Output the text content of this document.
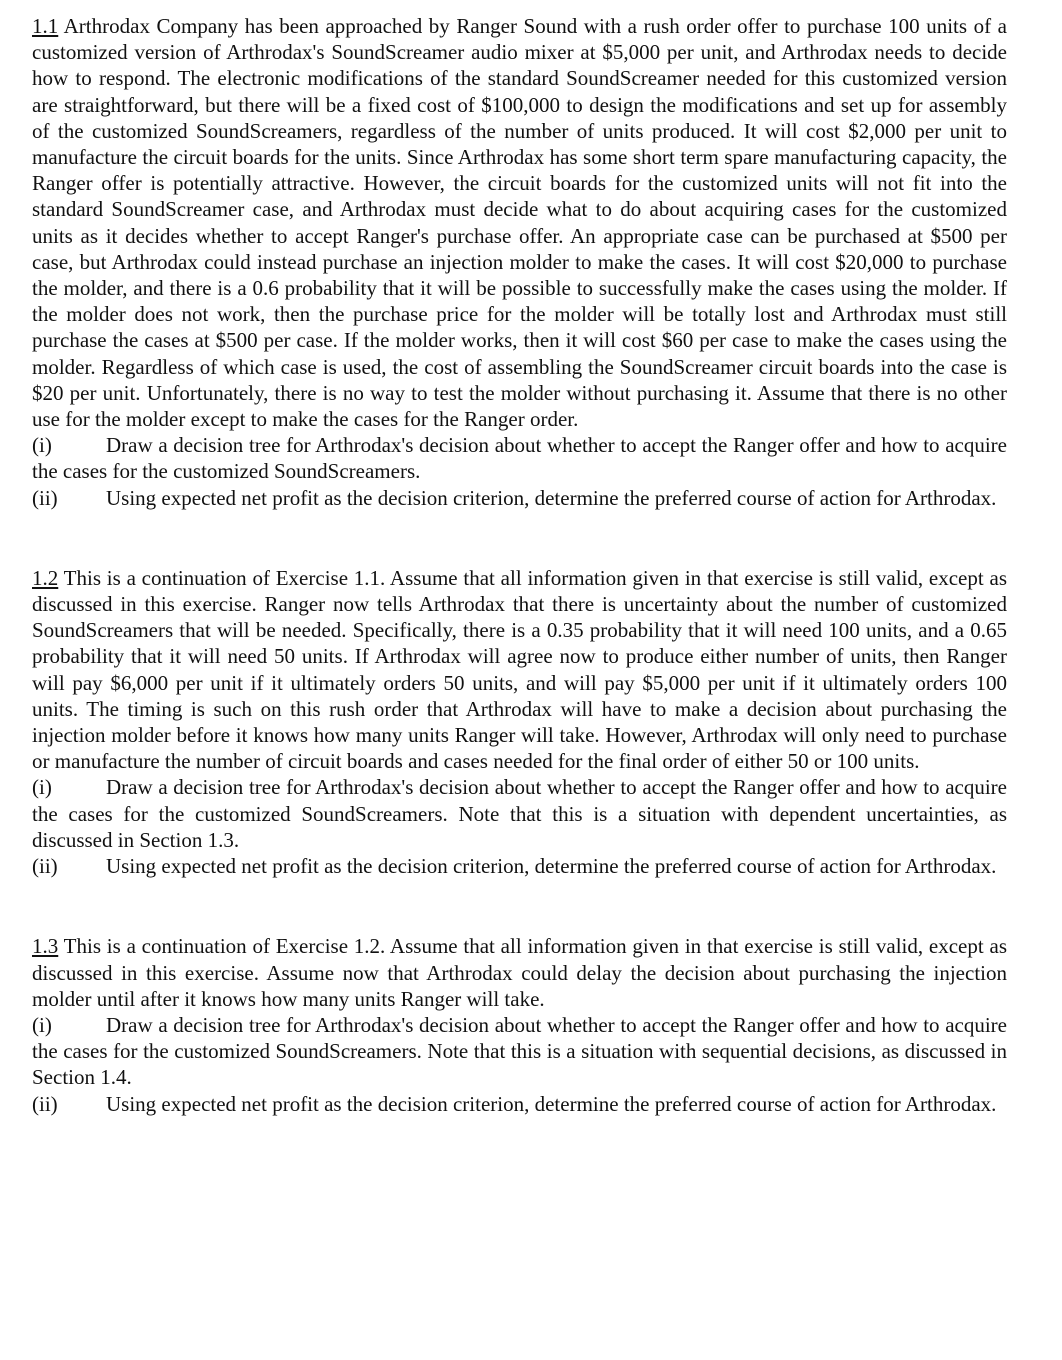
1.1 Arthrodax Company has been approached by Ranger Sound with a rush order offer to purchase 100 units of a customized version of Arthrodax's SoundScreamer audio mixer at $5,000 per unit, and Arthrodax needs to decide how to respond. The electronic modifications of the standard SoundScreamer needed for this customized version are straightforward, but there will be a fixed cost of $100,000 to design the modifications and set up for assembly of the customized SoundScreamers, regardless of the number of units produced. It will cost $2,000 per unit to manufacture the circuit boards for the units. Since Arthrodax has some short term spare manufacturing capacity, the Ranger offer is potentially attractive. However, the circuit boards for the customized units will not fit into the standard SoundScreamer case, and Arthrodax must decide what to do about acquiring cases for the customized units as it decides whether to accept Ranger's purchase offer. An appropriate case can be purchased at $500 per case, but Arthrodax could instead purchase an injection molder to make the cases. It will cost $20,000 to purchase the molder, and there is a 0.6 probability that it will be possible to successfully make the cases using the molder. If the molder does not work, then the purchase price for the molder will be totally lost and Arthrodax must still purchase the cases at $500 per case. If the molder works, then it will cost $60 per case to make the cases using the molder. Regardless of which case is used, the cost of assembling the SoundScreamer circuit boards into the case is $20 per unit. Unfortunately, there is no way to test the molder without purchasing it. Assume that there is no other use for the molder except to make the cases for the Ranger order.

(i)	Draw a decision tree for Arthrodax's decision about whether to accept the Ranger offer and how to acquire the cases for the customized SoundScreamers.

(ii) Using expected net profit as the decision criterion, determine the preferred course of action for Arthrodax.

1.2 This is a continuation of Exercise 1.1. Assume that all information given in that exercise is still valid, except as discussed in this exercise. Ranger now tells Arthrodax that there is uncertainty about the number of customized SoundScreamers that will be needed. Specifically, there is a 0.35 probability that it will need 100 units, and a 0.65 probability that it will need 50 units. If Arthrodax will agree now to produce either number of units, then Ranger will pay $6,000 per unit if it ultimately orders 50 units, and will pay $5,000 per unit if it ultimately orders 100 units. The timing is such on this rush order that Arthrodax will have to make a decision about purchasing the injection molder before it knows how many units Ranger will take. However, Arthrodax will only need to purchase or manufacture the number of circuit boards and cases needed for the final order of either 50 or 100 units.

(i)	Draw a decision tree for Arthrodax's decision about whether to accept the Ranger offer and how to acquire the cases for the customized SoundScreamers. Note that this is a situation with dependent uncertainties, as discussed in Section 1.3.

(ii) Using expected net profit as the decision criterion, determine the preferred course of action for Arthrodax.

1.3 This is a continuation of Exercise 1.2. Assume that all information given in that exercise is still valid, except as discussed in this exercise. Assume now that Arthrodax could delay the decision about purchasing the injection molder until after it knows how many units Ranger will take.

(i)	Draw a decision tree for Arthrodax's decision about whether to accept the Ranger offer and how to acquire the cases for the customized SoundScreamers. Note that this is a situation with sequential decisions, as discussed in Section 1.4.

(ii) Using expected net profit as the decision criterion, determine the preferred course of action for Arthrodax.
